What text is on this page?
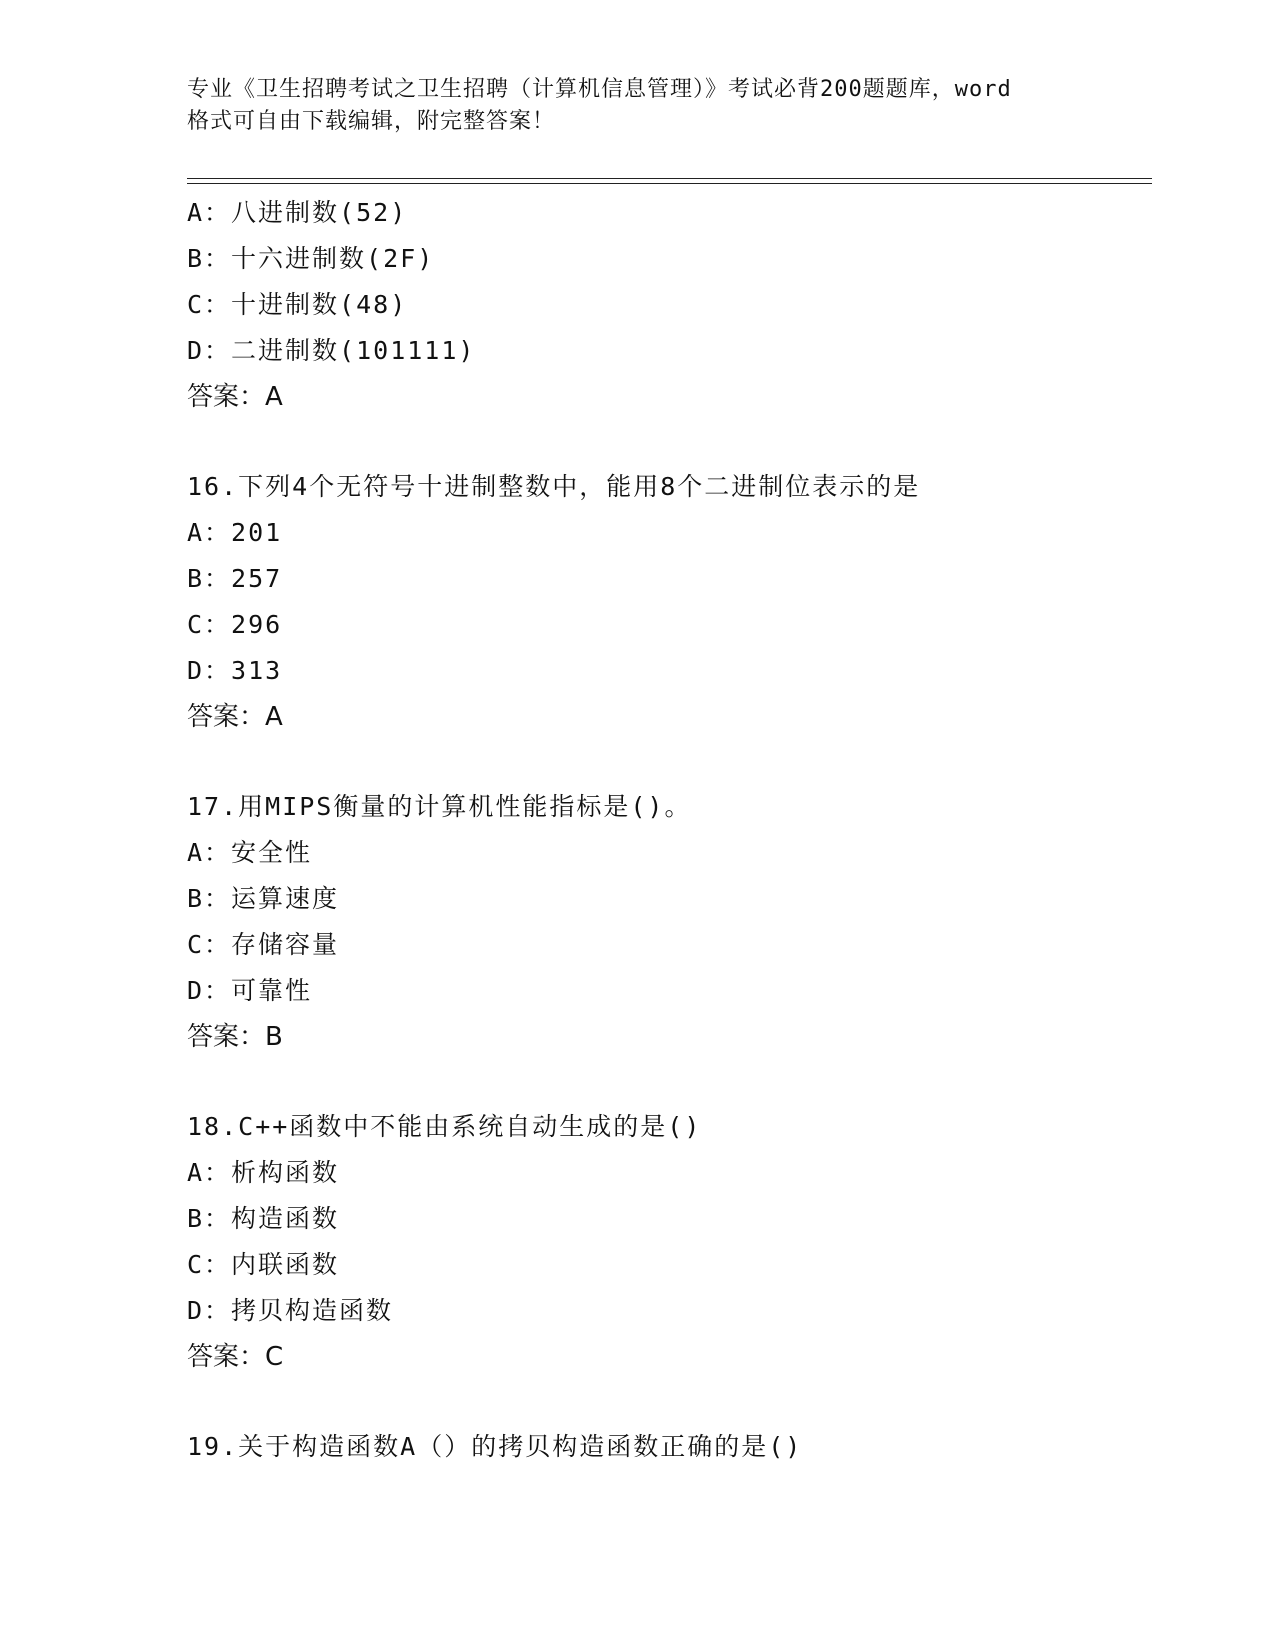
专业《卫生招聘考试之卫生招聘（计算机信息管理）》考试必背200题题库，word
格式可自由下载编辑，附完整答案！
A：八进制数(52)
B：十六进制数(2F)
C：十进制数(48)
D：二进制数(101111)
答案：A
16.下列4个无符号十进制整数中，能用8个二进制位表示的是
A：201
B：257
C：296
D：313
答案：A
17.用MIPS衡量的计算机性能指标是()。
A：安全性
B：运算速度
C：存储容量
D：可靠性
答案：B
18.C++函数中不能由系统自动生成的是()
A：析构函数
B：构造函数
C：内联函数
D：拷贝构造函数
答案：C
19.关于构造函数A（）的拷贝构造函数正确的是()
